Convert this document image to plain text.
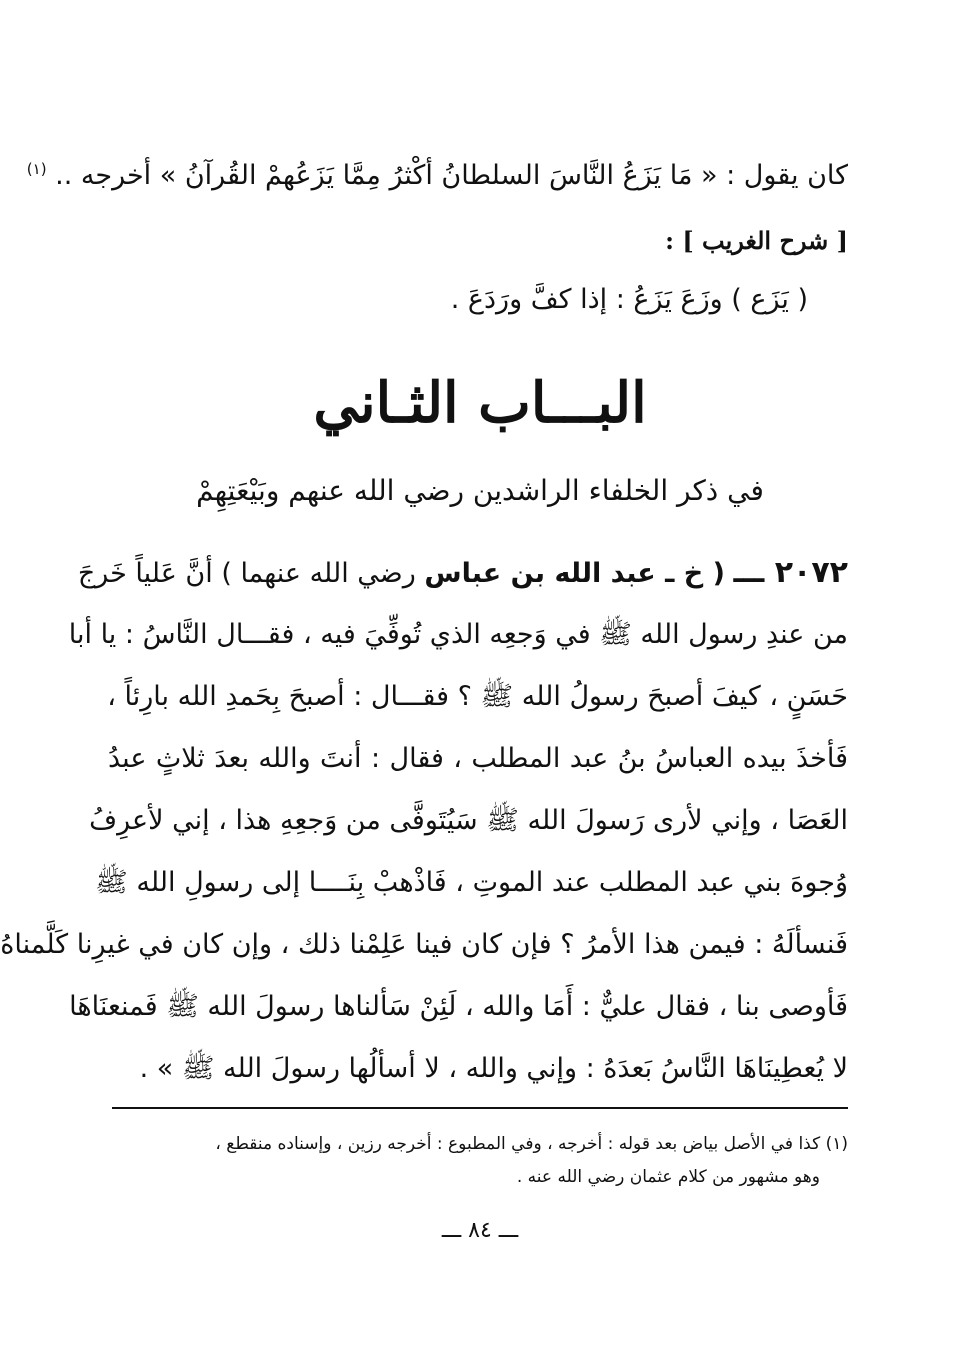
كان يقول : « مَا يَزَعُ النَّاسَ السلطانُ أكْثرُ مِمَّا يَزَعُهمْ القُرآنُ » أخرجه .. $^{(١)}$
[ شرح الغريب ] :
( يَزَع ) وزَعَ يَزَعُ : إذا كفَّ ورَدَعَ .
البـــاب الثـاني
في ذكر الخلفاء الراشدين رضي الله عنهم وبَيْعَتِهِمْ
٢٠٧٢ ـــ ( خ ـ عبد الله بن عباس رضي الله عنهما ) أنَّ عَلياً خَرجَ
من عندِ رسول الله ﷺ في وَجعِه الذي تُوفِّيَ فيه ، فقـــال النَّاسُ : يا أبا
حَسَنٍ ، كيفَ أصبحَ رسولُ الله ﷺ ؟ فقـــال : أصبحَ بِحَمدِ الله بارِئاً ،
فَأخذَ بيده العباسُ بنُ عبد المطلب ، فقال : أنتَ والله بعدَ ثلاثٍ عبدُ
العَصَا ، وإني لأرى رَسولَ الله ﷺ سَيُتَوفَّى من وَجعِهِ هذا ، إني لأعرِفُ
وُجوهَ بني عبد المطلب عند الموتِ ، فَاذْهبْ بِنَــــا إلى رسولِ الله ﷺ
فَنسألَهُ : فيمن هذا الأمرُ ؟ فإن كان فينا عَلِمْنا ذلك ، وإن كان في غيرِنا كَلَّمناهُ
فَأوصى بنا ، فقال عليٌّ : أَمَا والله ، لَئِنْ سَألناها رسولَ الله ﷺ فَمنعنَاهَا
لا يُعطِينَاهَا النَّاسُ بَعدَهُ : وإني والله ، لا أسألُها رسولَ الله ﷺ » .
(١) كذا في الأصل بياض بعد قوله : أخرجه ، وفي المطبوع : أخرجه رزين ، وإسناده منقطع ،
وهو مشهور من كلام عثمان رضي الله عنه .
ـــ ٨٤ ـــ
